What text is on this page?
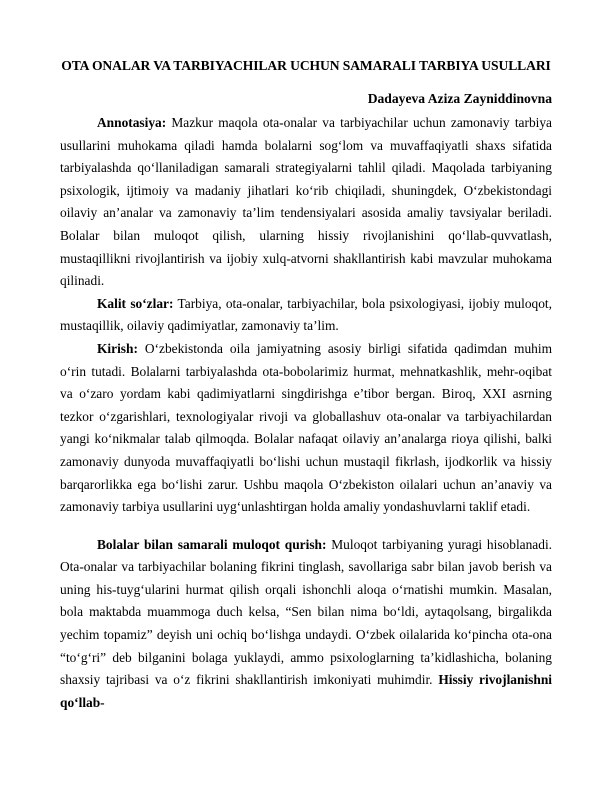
OTA ONALAR VA TARBIYACHILAR UCHUN SAMARALI TARBIYA USULLARI
Dadayeva Aziza Zayniddinovna

Annotasiya: Mazkur maqola ota-onalar va tarbiyachilar uchun zamonaviy tarbiya usullarini muhokama qiladi hamda bolalarni sog‘lom va muvaffaqiyatli shaxs sifatida tarbiyalashda qo‘llaniladigan samarali strategiyalarni tahlil qiladi. Maqolada tarbiyaning psixologik, ijtimoiy va madaniy jihatlari ko‘rib chiqiladi, shuningdek, O‘zbekistondagi oilaviy an’analar va zamonaviy ta’lim tendensiyalari asosida amaliy tavsiyalar beriladi. Bolalar bilan muloqot qilish, ularning hissiy rivojlanishini qo‘llab-quvvatlash, mustaqillikni rivojlantirish va ijobiy xulq-atvorni shakllantirish kabi mavzular muhokama qilinadi.

Kalit so‘zlar: Tarbiya, ota-onalar, tarbiyachilar, bola psixologiyasi, ijobiy muloqot, mustaqillik, oilaviy qadimiyatlar, zamonaviy ta’lim.

Kirish: O‘zbekistonda oila jamiyatning asosiy birligi sifatida qadimdan muhim o‘rin tutadi. Bolalarni tarbiyalashda ota-bobolarimiz hurmat, mehnatkashlik, mehr-oqibat va o‘zaro yordam kabi qadimiyatlarni singdirishga e’tibor bergan. Biroq, XXI asrning tezkor o‘zgarishlari, texnologiyalar rivoji va globallashuv ota-onalar va tarbiyachilardan yangi ko‘nikmalar talab qilmoqda. Bolalar nafaqat oilaviy an’analarga rioya qilishi, balki zamonaviy dunyoda muvaffaqiyatli bo‘lishi uchun mustaqil fikrlash, ijodkorlik va hissiy barqarorlikka ega bo‘lishi zarur. Ushbu maqola O‘zbekiston oilalari uchun an’anaviy va zamonaviy tarbiya usullarini uyg‘unlashtirgan holda amaliy yondashuvlarni taklif etadi.

Bolalar bilan samarali muloqot qurish: Muloqot tarbiyaning yuragi hisoblanadi. Ota-onalar va tarbiyachilar bolaning fikrini tinglash, savollariga sabr bilan javob berish va uning his-tuyg‘ularini hurmat qilish orqali ishonchli aloqa o‘rnatishi mumkin. Masalan, bola maktabda muammoga duch kelsa, “Sen bilan nima bo‘ldi, aytaqolsang, birgalikda yechim topamiz” deyish uni ochiq bo‘lishga undaydi. O‘zbek oilalarida ko‘pincha ota-ona “to‘g‘ri” deb bilganini bolaga yuklaydi, ammo psixologlarning ta’kidlashicha, bolaning shaxsiy tajribasi va o‘z fikrini shakllantirish imkoniyati muhimdir. Hissiy rivojlanishni qo‘llab-
